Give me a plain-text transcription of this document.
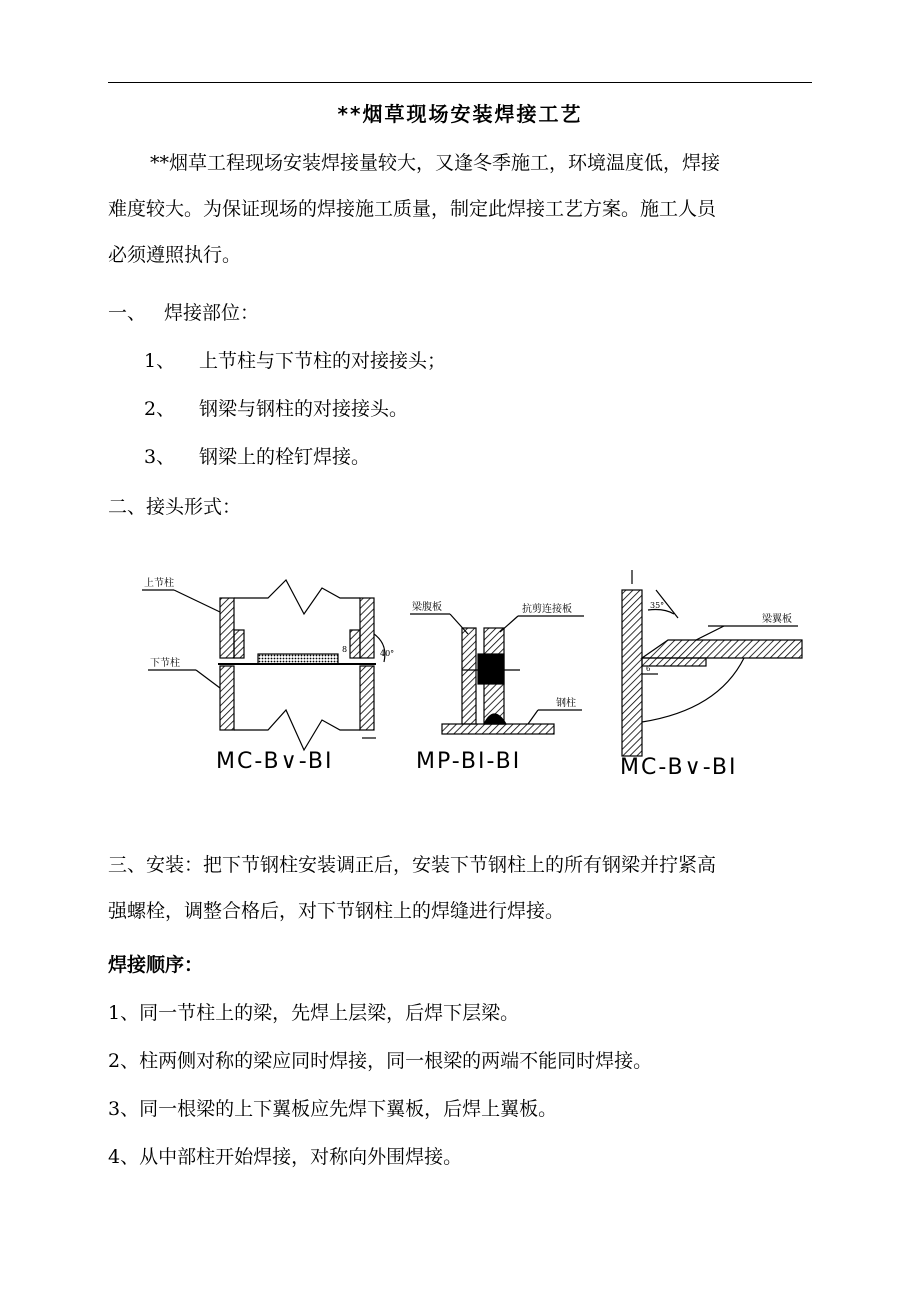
**烟草现场安装焊接工艺

**烟草工程现场安装焊接量较大，又逢冬季施工，环境温度低，焊接

难度较大。为保证现场的焊接施工质量，制定此焊接工艺方案。施工人员

必须遵照执行。

一、 焊接部位：
1、 上节柱与下节柱的对接接头；
2、 钢梁与钢柱的对接接头。
3、 钢梁上的栓钉焊接。
二、接头形式：
上节柱
下节柱
8	40°
MC-B∨-BI
梁腹板	抗剪连接板
钢柱
MP-BI-BI
35°
6
梁翼板
MC-B∨-BI

三、安装：把下节钢柱安装调正后，安装下节钢柱上的所有钢梁并拧紧高

强螺栓，调整合格后，对下节钢柱上的焊缝进行焊接。

焊接顺序：
1、同一节柱上的梁，先焊上层梁，后焊下层梁。
2、柱两侧对称的梁应同时焊接，同一根梁的两端不能同时焊接。
3、同一根梁的上下翼板应先焊下翼板，后焊上翼板。
4、从中部柱开始焊接，对称向外围焊接。
